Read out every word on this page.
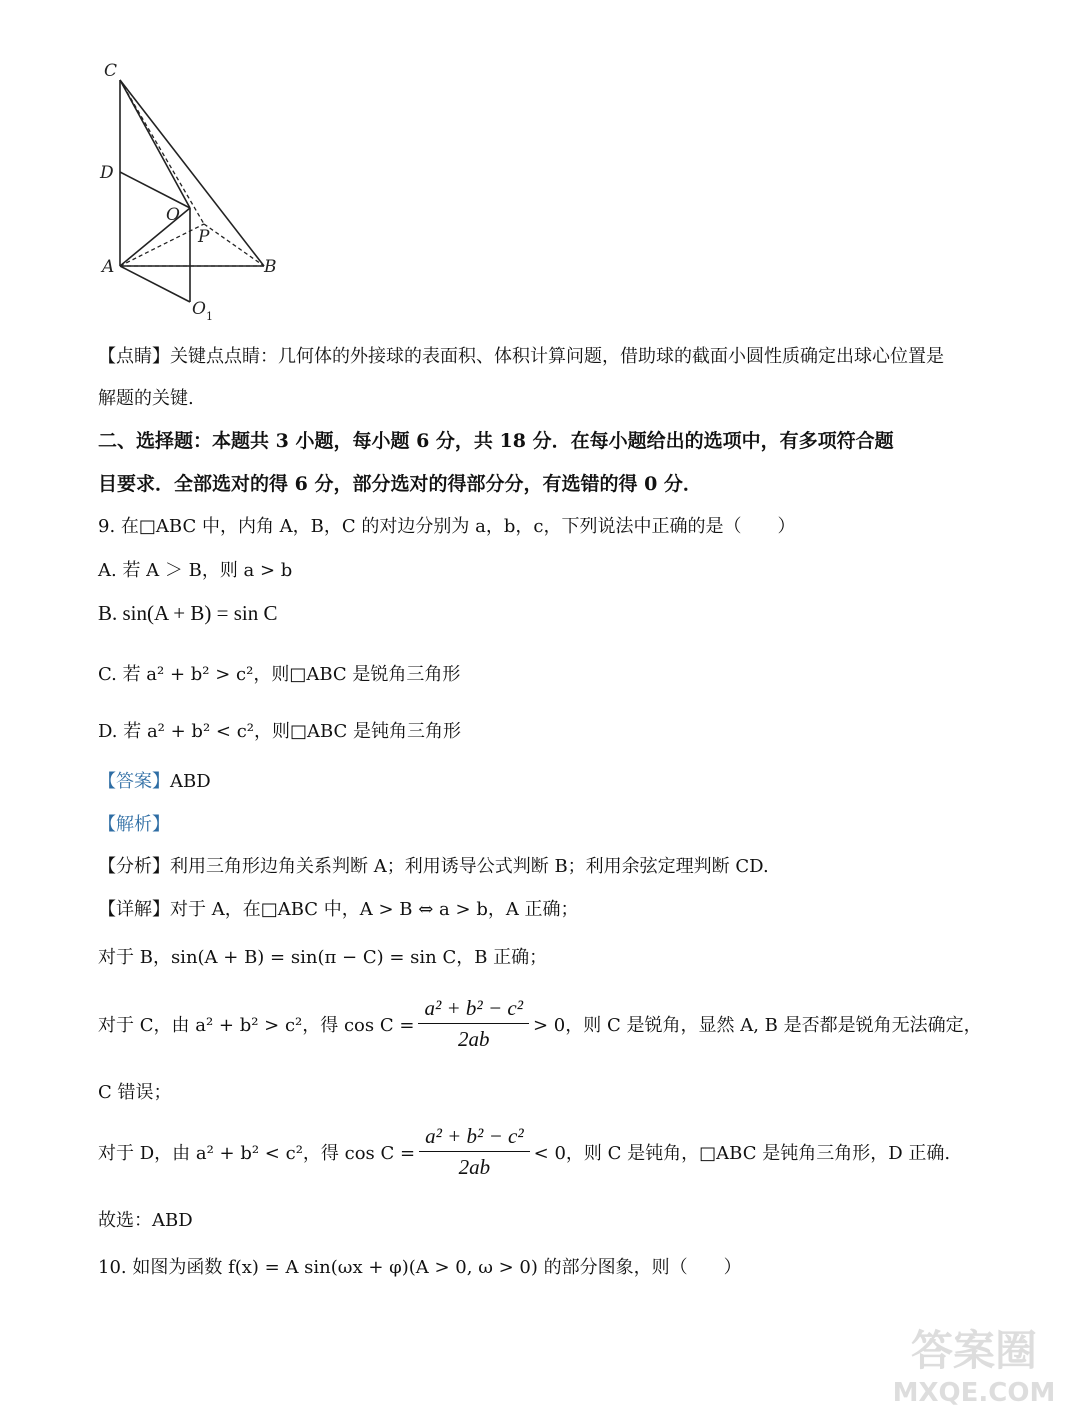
C
D
O
P
A	B
O 1
【点睛】关键点点睛：几何体的外接球的表面积、体积计算问题，借助球的截面小圆性质确定出球心位置是
解题的关键.
二、选择题：本题共 3 小题，每小题 6 分，共 18 分．在每小题给出的选项中，有多项符合题
目要求．全部选对的得 6 分，部分选对的得部分分，有选错的得 0 分．
9. 在□ABC 中，内角 A，B，C 的对边分别为 a，b，c，下列说法中正确的是（　　）
A. 若 A ＞ B，则 a > b
B. sin(A + B) = sin C
C. 若 a² + b² > c²，则□ABC 是锐角三角形
D. 若 a² + b² < c²，则□ABC 是钝角三角形
【答案】ABD
【解析】
【分析】利用三角形边角关系判断 A；利用诱导公式判断 B；利用余弦定理判断 CD.
【详解】对于 A，在□ABC 中，A > B ⇔ a > b，A 正确；
对于 B，sin(A + B) = sin(π − C) = sin C，B 正确；
对于 C，由 a² + b² > c²，得 $\cos C = \frac{\text{a² + b² − c²}}{2ab} > 0$，则 C 是锐角，显然 A, B 是否都是锐角无法确定，
C 错误；
对于 D，由 a² + b² < c²，得 $\cos C = \frac{\text{a² + b² − c²}}{2ab} < 0$，则 C 是钝角，□ABC 是钝角三角形，D 正确.
故选：ABD
10. 如图为函数 f(x) = A sin(ωx + φ)(A > 0, ω > 0) 的部分图象，则（　　）
答案圈
MXQE.COM
